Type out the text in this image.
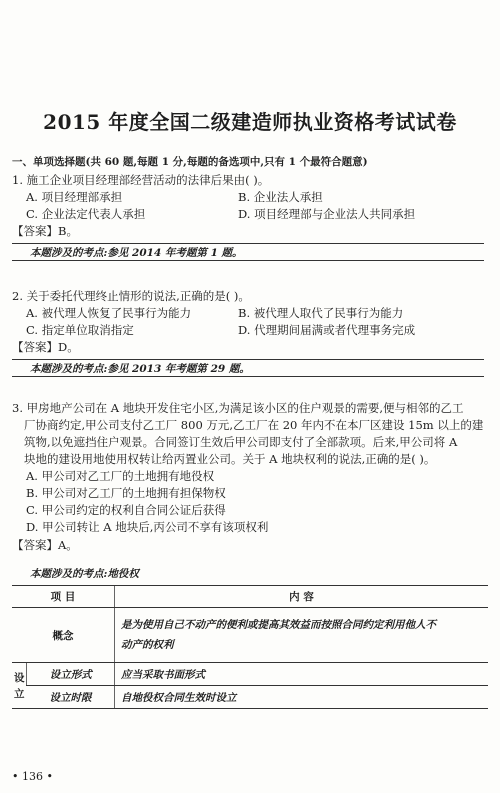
2015 年度全国二级建造师执业资格考试试卷
一、单项选择题(共 60 题,每题 1 分,每题的备选项中,只有 1 个最符合题意)
1. 施工企业项目经理部经营活动的法律后果由( )。
A. 项目经理部承担	B. 企业法人承担
C. 企业法定代表人承担	D. 项目经理部与企业法人共同承担
【答案】B。
本题涉及的考点:参见 2014 年考题第 1 题。
2. 关于委托代理终止情形的说法,正确的是( )。
A. 被代理人恢复了民事行为能力	B. 被代理人取代了民事行为能力
C. 指定单位取消指定	D. 代理期间届满或者代理事务完成
【答案】D。
本题涉及的考点:参见 2013 年考题第 29 题。
3. 甲房地产公司在 A 地块开发住宅小区,为满足该小区的住户观景的需要,便与相邻的乙工
厂协商约定,甲公司支付乙工厂 800 万元,乙工厂在 20 年内不在本厂区建设 15m 以上的建
筑物,以免遮挡住户观景。合同签订生效后甲公司即支付了全部款项。后来,甲公司将 A
块地的建设用地使用权转让给丙置业公司。关于 A 地块权利的说法,正确的是( )。
A. 甲公司对乙工厂的土地拥有地役权
B. 甲公司对乙工厂的土地拥有担保物权
C. 甲公司约定的权利自合同公证后获得
D. 甲公司转让 A 地块后,丙公司不享有该项权利
【答案】A。
本题涉及的考点:地役权
项 目		内 容
概念		是为使用自己不动产的便利或提高其效益而按照合同约定利用他人不
动产的权利

设立	设立形式	应当采取书面形式
	设立时限	自地役权合同生效时设立
• 136 •
